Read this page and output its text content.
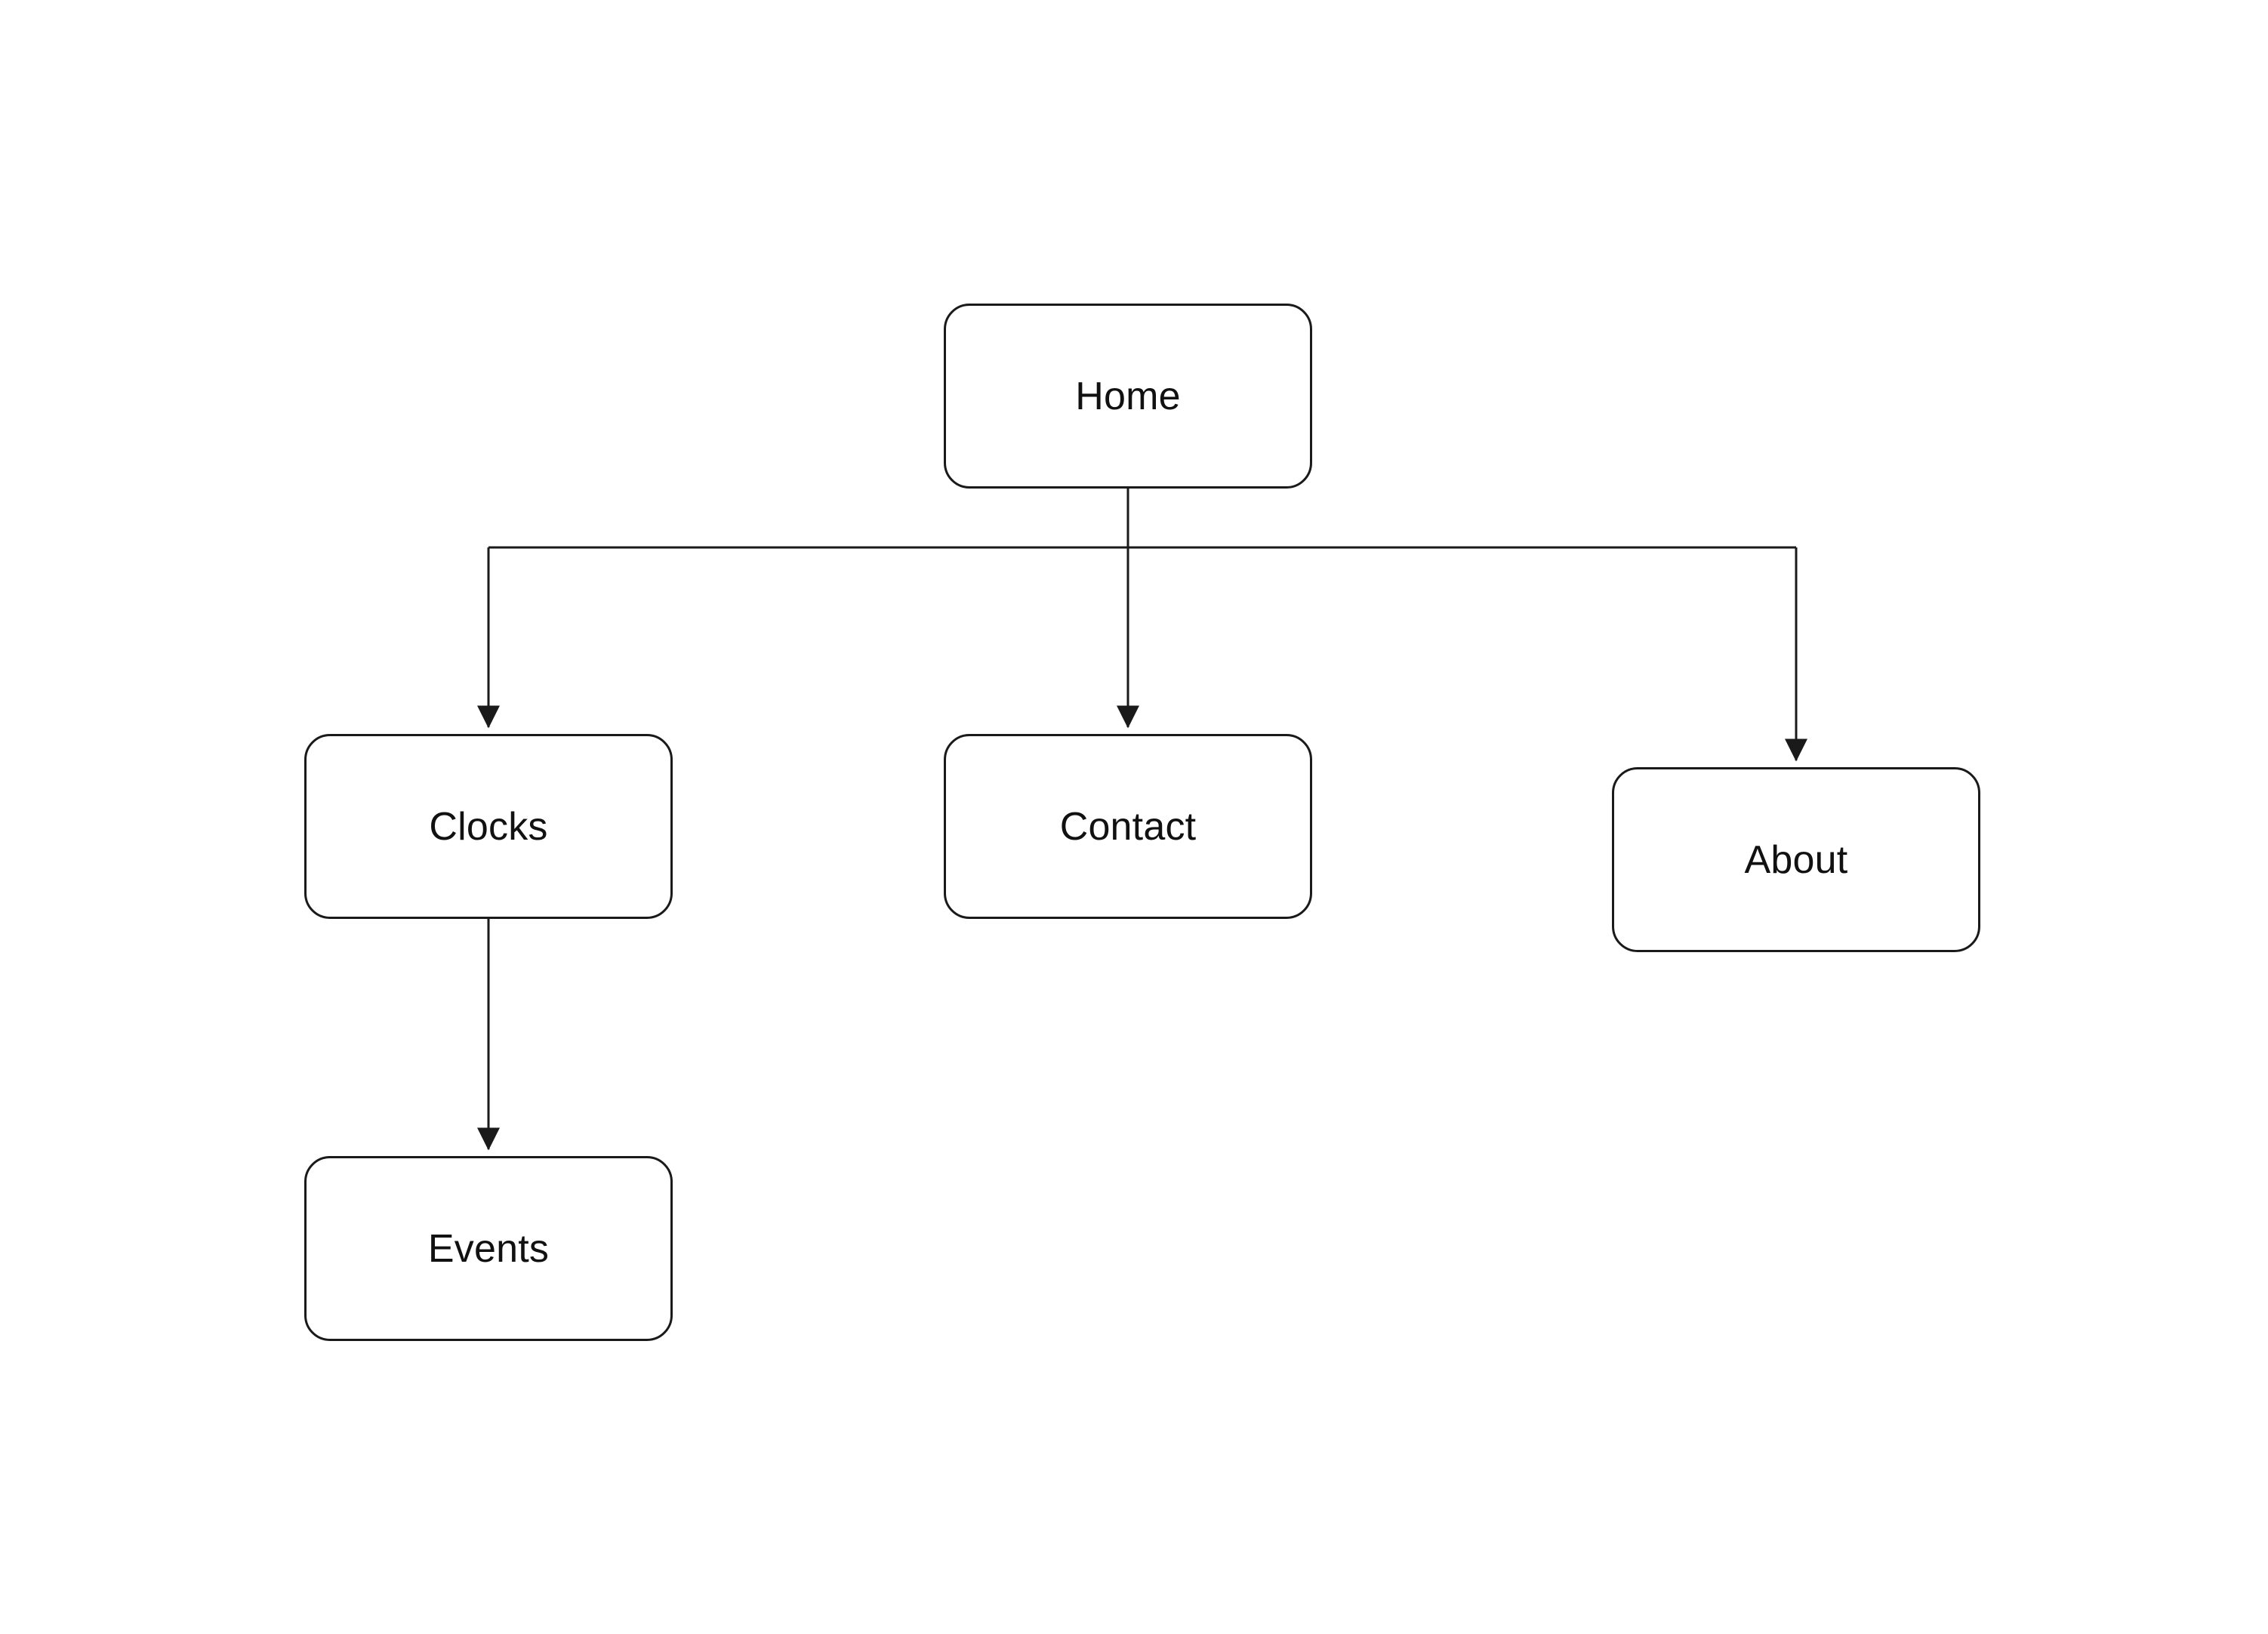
Home
Clocks	Contact
About
Events
